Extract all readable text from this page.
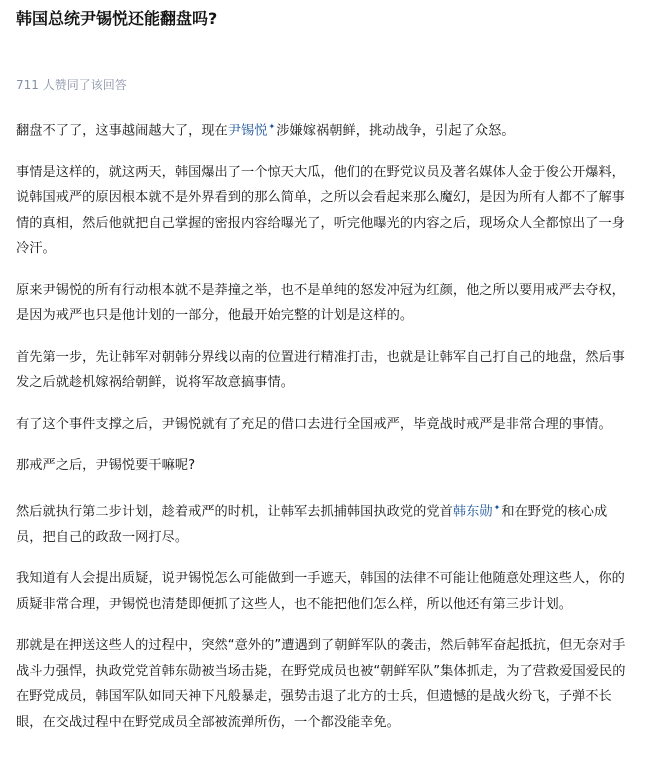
韩国总统尹锡悦还能翻盘吗?
711 人赞同了该回答

翻盘不了了，这事越闹越大了，现在尹锡悦✦涉嫌嫁祸朝鲜，挑动战争，引起了众怒。

事情是这样的，就这两天，韩国爆出了一个惊天大瓜，他们的在野党议员及著名媒体人金于俊公开爆料，说韩国戒严的原因根本就不是外界看到的那么简单，之所以会看起来那么魔幻，是因为所有人都不了解事情的真相，然后他就把自己掌握的密报内容给曝光了，听完他曝光的内容之后，现场众人全都惊出了一身冷汗。

原来尹锡悦的所有行动根本就不是莽撞之举，也不是单纯的怒发冲冠为红颜，他之所以要用戒严去夺权，是因为戒严也只是他计划的一部分，他最开始完整的计划是这样的。

首先第一步，先让韩军对朝韩分界线以南的位置进行精准打击，也就是让韩军自己打自己的地盘，然后事发之后就趁机嫁祸给朝鲜，说将军故意搞事情。

有了这个事件支撑之后，尹锡悦就有了充足的借口去进行全国戒严，毕竟战时戒严是非常合理的事情。

那戒严之后，尹锡悦要干嘛呢?

然后就执行第二步计划，趁着戒严的时机，让韩军去抓捕韩国执政党的党首韩东勋✦和在野党的核心成员，把自己的政敌一网打尽。

我知道有人会提出质疑，说尹锡悦怎么可能做到一手遮天，韩国的法律不可能让他随意处理这些人，你的质疑非常合理，尹锡悦也清楚即便抓了这些人，也不能把他们怎么样，所以他还有第三步计划。

那就是在押送这些人的过程中，突然“意外的”遭遇到了朝鲜军队的袭击，然后韩军奋起抵抗，但无奈对手战斗力强悍，执政党党首韩东勋被当场击毙，在野党成员也被“朝鲜军队”集体抓走，为了营救爱国爱民的在野党成员，韩国军队如同天神下凡般暴走，强势击退了北方的士兵，但遗憾的是战火纷飞，子弹不长眼，在交战过程中在野党成员全部被流弹所伤，一个都没能幸免。
